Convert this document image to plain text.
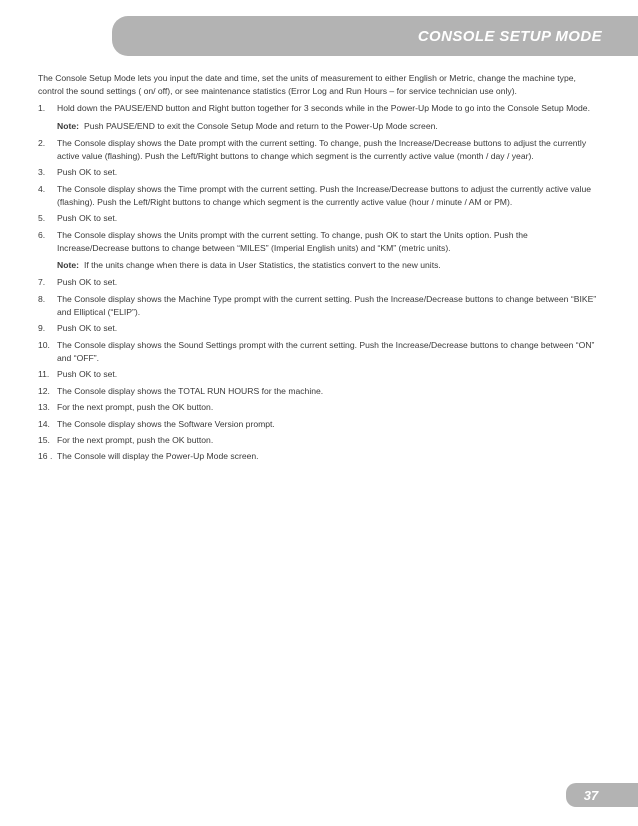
CONSOLE SETUP MODE

The Console Setup Mode lets you input the date and time, set the units of measurement to either English or Metric, change the machine type, control the sound settings ( on/ off), or see maintenance statistics (Error Log and Run Hours – for service technician use only).

1.	Hold down the PAUSE/END button and Right button together for 3 seconds while in the Power-Up Mode to go into the Console Setup Mode.
Note: Push PAUSE/END to exit the Console Setup Mode and return to the Power-Up Mode screen.
2.	The Console display shows the Date prompt with the current setting. To change, push the Increase/Decrease buttons to adjust the currently active value (flashing). Push the Left/Right buttons to change which segment is the currently active value (month / day / year).
3.	Push OK to set.
4.	The Console display shows the Time prompt with the current setting. Push the Increase/Decrease buttons to adjust the currently active value (flashing). Push the Left/Right buttons to change which segment is the currently active value (hour / minute / AM or PM).
5.	Push OK to set.
6.	The Console display shows the Units prompt with the current setting. To change, push OK to start the Units option. Push the Increase/Decrease buttons to change between “MILES” (Imperial English units) and “KM” (metric units).
Note: If the units change when there is data in User Statistics, the statistics convert to the new units.
7.	Push OK to set.
8.	The Console display shows the Machine Type prompt with the current setting. Push the Increase/Decrease buttons to change between “BIKE” and Elliptical (“ELIP”).
9.	Push OK to set.
10. The Console display shows the Sound Settings prompt with the current setting. Push the Increase/Decrease buttons to change between “ON” and “OFF”.
11. Push OK to set.
12. The Console display shows the TOTAL RUN HOURS for the machine.
13. For the next prompt, push the OK button.
14. The Console display shows the Software Version prompt.
15. For the next prompt, push the OK button.
16 . The Console will display the Power-Up Mode screen.
37
